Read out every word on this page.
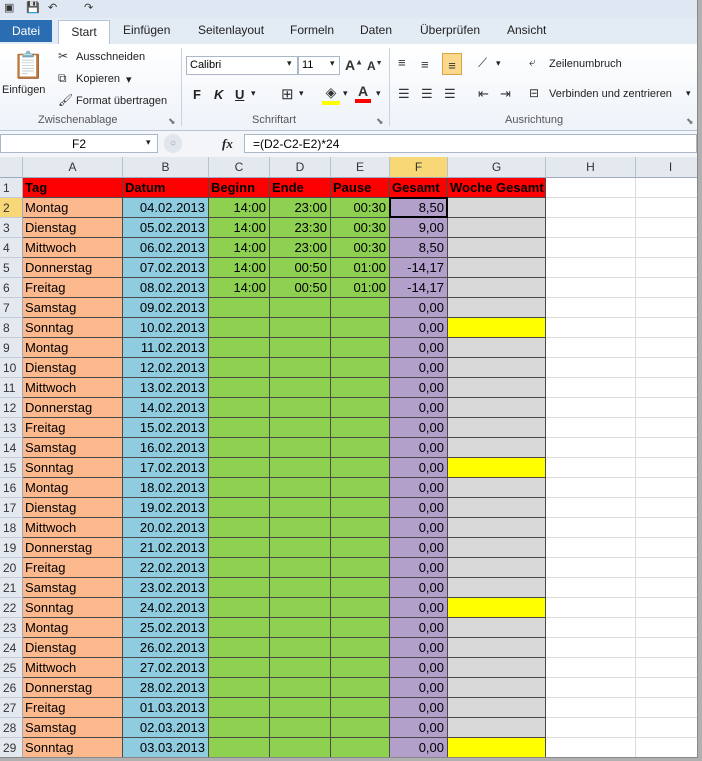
▣ 💾 ↶ ↷
Datei	Start	Einfügen Seitenlayout Formeln Daten Überprüfen Ansicht
📋
Einfügen
✂ Ausschneiden
⧉ Kopieren ▾
🖌 Format übertragen
Zwischenablage	⬊
Calibri	▾ 11	▾ A▲ A▼
F K U ▾ ⊞ ▾ ◈ ▾ A ▾
Schriftart	⬊
≡ ≡	≡	⟋ ▾ ⤶ Zeilenumbruch
☰ ☰ ☰ ⇤ ⇥ ⊟ Verbinden und zentrieren ▾
Ausrichtung	⬊
F2	▾	○	fx	=(D2-C2-E2)*24
A	B	C	D	E	F	G	H	I
1	Tag	Datum	Beginn	Ende	Pause	Gesamt Woche Gesamt
2	Montag	04.02.2013	14:00	23:00	00:30	8,50
3	Dienstag	05.02.2013	14:00	23:30	00:30	9,00
4	Mittwoch	06.02.2013	14:00	23:00	00:30	8,50
5	Donnerstag	07.02.2013	14:00	00:50	01:00	-14,17
6	Freitag	08.02.2013	14:00	00:50	01:00	-14,17
7	Samstag	09.02.2013	0,00
8	Sonntag	10.02.2013	0,00
9	Montag	11.02.2013	0,00
10 Dienstag	12.02.2013	0,00
11 Mittwoch	13.02.2013	0,00
12 Donnerstag	14.02.2013	0,00
13 Freitag	15.02.2013	0,00
14 Samstag	16.02.2013	0,00
15 Sonntag	17.02.2013	0,00
16 Montag	18.02.2013	0,00
17 Dienstag	19.02.2013	0,00
18 Mittwoch	20.02.2013	0,00
19 Donnerstag	21.02.2013	0,00
20 Freitag	22.02.2013	0,00
21 Samstag	23.02.2013	0,00
22 Sonntag	24.02.2013	0,00
23 Montag	25.02.2013	0,00
24 Dienstag	26.02.2013	0,00
25 Mittwoch	27.02.2013	0,00
26 Donnerstag	28.02.2013	0,00
27 Freitag	01.03.2013	0,00
28 Samstag	02.03.2013	0,00
29 Sonntag	03.03.2013	0,00
